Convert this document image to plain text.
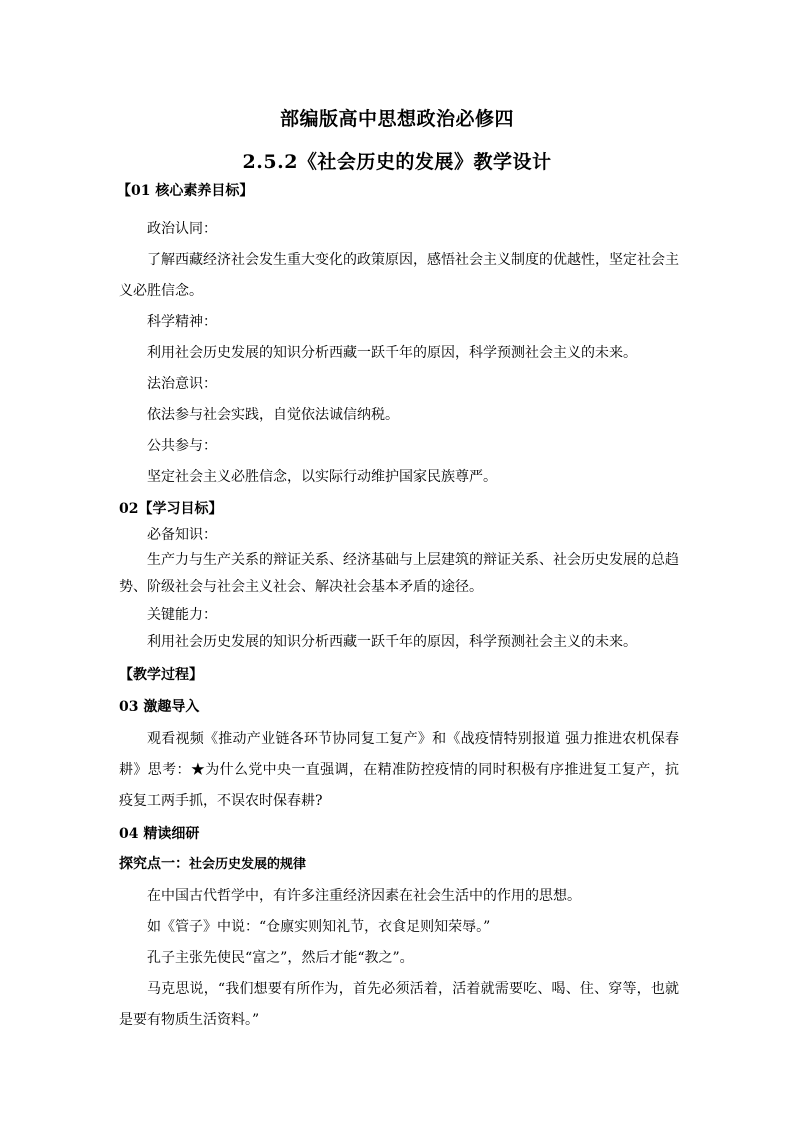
部编版高中思想政治必修四
2.5.2《社会历史的发展》教学设计
【01 核心素养目标】
政治认同：
了解西藏经济社会发生重大变化的政策原因，感悟社会主义制度的优越性，坚定社会主
义必胜信念。
科学精神：
利用社会历史发展的知识分析西藏一跃千年的原因，科学预测社会主义的未来。
法治意识：
依法参与社会实践，自觉依法诚信纳税。
公共参与：
坚定社会主义必胜信念，以实际行动维护国家民族尊严。
02【学习目标】
必备知识：
生产力与生产关系的辩证关系、经济基础与上层建筑的辩证关系、社会历史发展的总趋
势、阶级社会与社会主义社会、解决社会基本矛盾的途径。
关键能力：
利用社会历史发展的知识分析西藏一跃千年的原因，科学预测社会主义的未来。
【教学过程】
03 激趣导入
观看视频《推动产业链各环节协同复工复产》和《战疫情特别报道 强力推进农机保春
耕》思考：★为什么党中央一直强调，在精准防控疫情的同时积极有序推进复工复产，抗
疫复工两手抓，不误农时保春耕?
04 精读细研
探究点一：社会历史发展的规律
在中国古代哲学中，有许多注重经济因素在社会生活中的作用的思想。
如《管子》中说：“仓廪实则知礼节，衣食足则知荣辱。”
孔子主张先使民“富之”，然后才能“教之”。
马克思说，“我们想要有所作为，首先必须活着，活着就需要吃、喝、住、穿等，也就
是要有物质生活资料。”
